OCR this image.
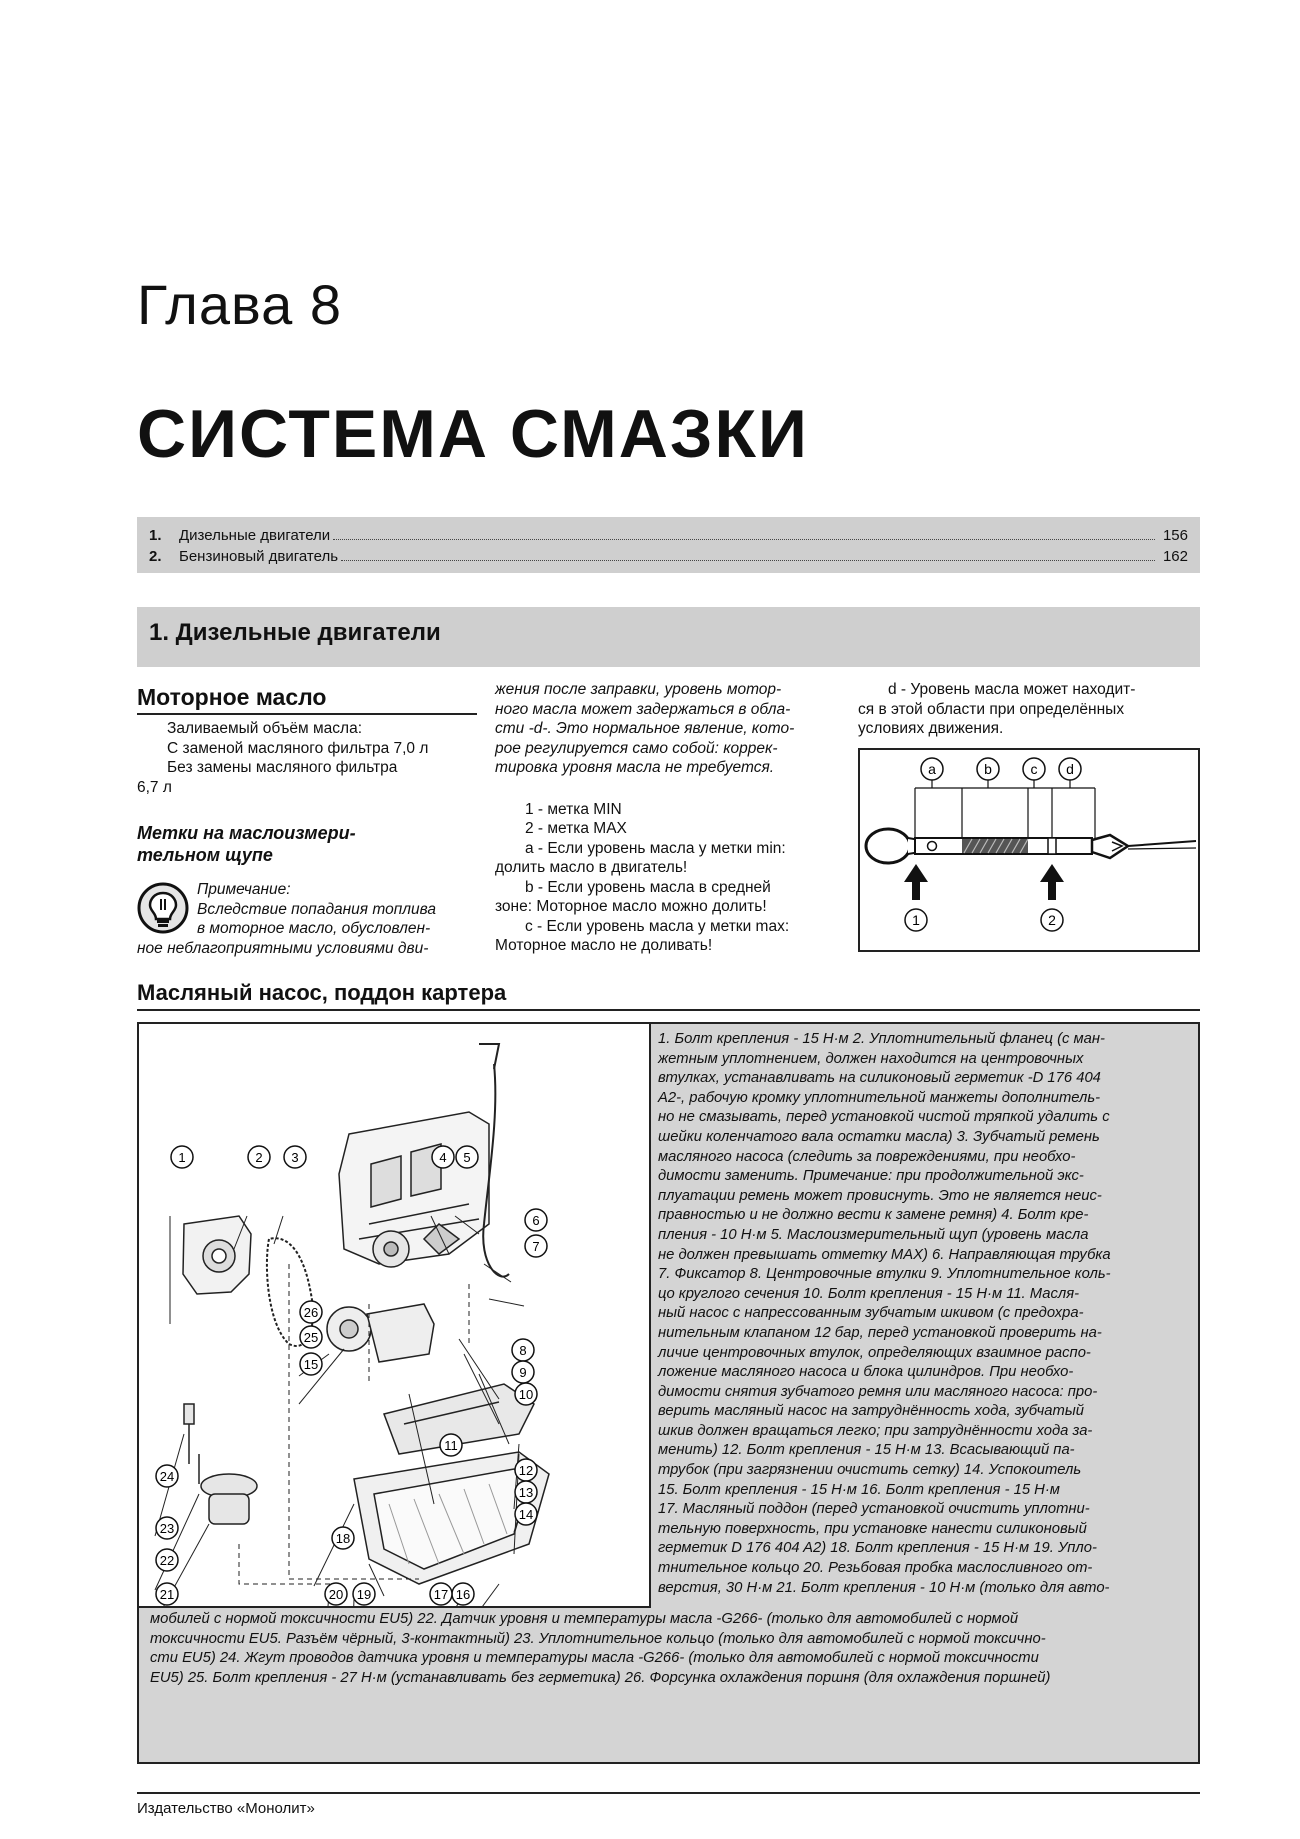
Глава 8
СИСТЕМА СМАЗКИ
1.	Дизельные двигатели	156
2.	Бензиновый двигатель	162
1. Дизельные двигатели
Моторное масло
Заливаемый объём масла:
С заменой масляного фильтра 7,0 л
Без замены масляного фильтра
6,7 л
Метки на маслоизмери-
тельном щупе
Примечание:
Вследствие попадания топлива
в моторное масло, обусловлен-
ное неблагоприятными условиями дви-
жения после заправки, уровень мотор-
ного масла может задержаться в обла-
сти -d-. Это нормальное явление, кото-
рое регулируется само собой: коррек-
тировка уровня масла не требуется.
1 - метка MIN
2 - метка MAX
a - Если уровень масла у метки min:
долить масло в двигатель!
b - Если уровень масла в средней
зоне: Моторное масло можно долить!
c - Если уровень масла у метки max:
Моторное масло не доливать!
d - Уровень масла может находит-
ся в этой области при определённых
условиях движения.
a	b	c d
1	2
Масляный насос, поддон картера
1	2 3	4 5
6
7
8
9
10
11
12
13
14
15
16
17
18
19
20
21
22
23
24
25
26
1. Болт крепления - 15 Н·м 2. Уплотнительный фланец (с ман-
жетным уплотнением, должен находится на центровочных
втулках, устанавливать на силиконовый герметик -D 176 404
A2-, рабочую кромку уплотнительной манжеты дополнитель-
но не смазывать, перед установкой чистой тряпкой удалить с
шейки коленчатого вала остатки масла) 3. Зубчатый ремень
масляного насоса (следить за повреждениями, при необхо-
димости заменить. Примечание: при продолжительной экс-
плуатации ремень может провиснуть. Это не является неис-
правностью и не должно вести к замене ремня) 4. Болт кре-
пления - 10 Н·м 5. Маслоизмерительный щуп (уровень масла
не должен превышать отметку MAX) 6. Направляющая трубка
7. Фиксатор 8. Центровочные втулки 9. Уплотнительное коль-
цо круглого сечения 10. Болт крепления - 15 Н·м 11. Масля-
ный насос с напрессованным зубчатым шкивом (с предохра-
нительным клапаном 12 бар, перед установкой проверить на-
личие центровочных втулок, определяющих взаимное распо-
ложение масляного насоса и блока цилиндров. При необхо-
димости снятия зубчатого ремня или масляного насоса: про-
верить масляный насос на затруднённость хода, зубчатый
шкив должен вращаться легко; при затруднённости хода за-
менить) 12. Болт крепления - 15 Н·м 13. Всасывающий па-
трубок (при загрязнении очистить сетку) 14. Успокоитель
15. Болт крепления - 15 Н·м 16. Болт крепления - 15 Н·м
17. Масляный поддон (перед установкой очистить уплотни-
тельную поверхность, при установке нанести силиконовый
герметик D 176 404 A2) 18. Болт крепления - 15 Н·м 19. Упло-
тнительное кольцо 20. Резьбовая пробка маслосливного от-
верстия, 30 Н·м 21. Болт крепления - 10 Н·м (только для авто-
мобилей с нормой токсичности EU5) 22. Датчик уровня и температуры масла -G266- (только для автомобилей с нормой
токсичности EU5. Разъём чёрный, 3-контактный) 23. Уплотнительное кольцо (только для автомобилей с нормой токсично-
сти EU5) 24. Жгут проводов датчика уровня и температуры масла -G266- (только для автомобилей с нормой токсичности
EU5) 25. Болт крепления - 27 Н·м (устанавливать без герметика) 26. Форсунка охлаждения поршня (для охлаждения поршней)
Издательство «Монолит»
